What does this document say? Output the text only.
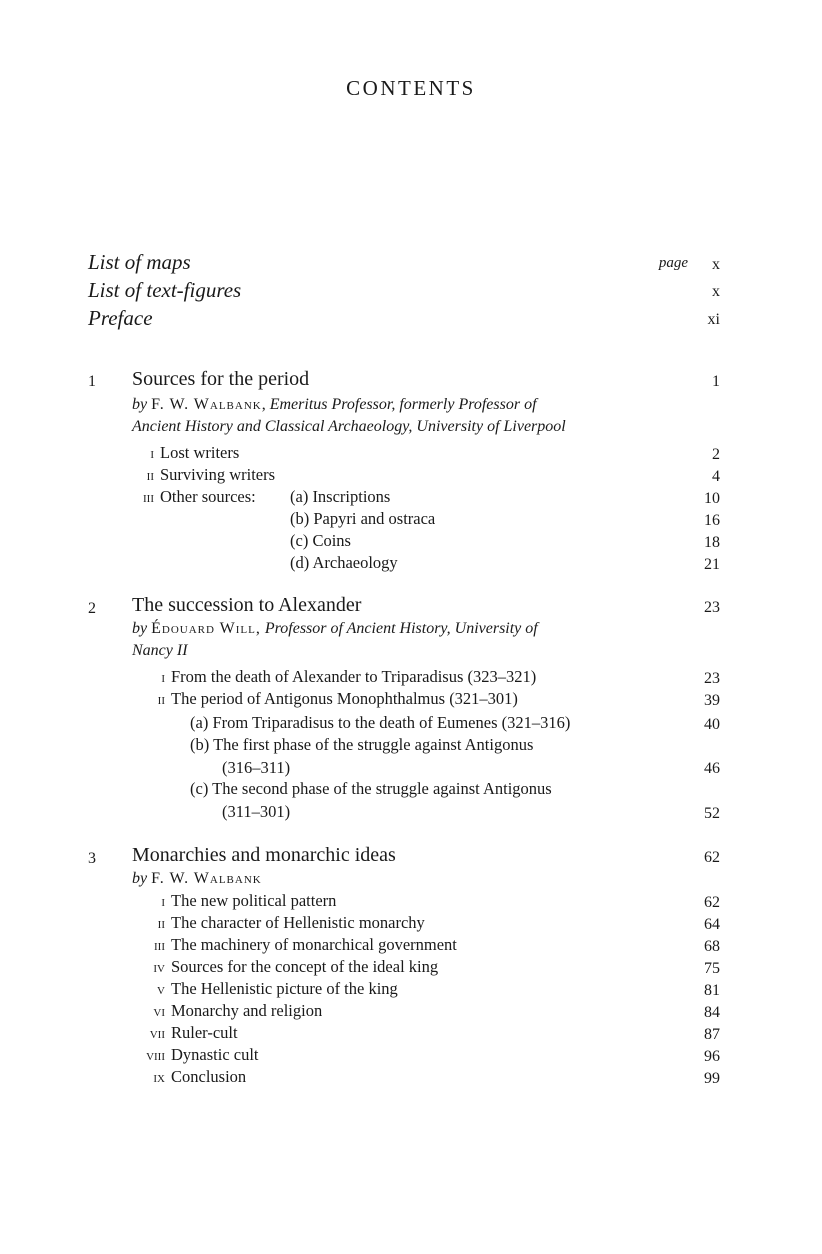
CONTENTS
List of maps	page x
List of text-figures	x
Preface	xi
1 Sources for the period	1
by F. W. Walbank, Emeritus Professor, formerly Professor of
Ancient History and Classical Archaeology, University of Liverpool
i Lost writers	2
ii Surviving writers	4
iii Other sources: (a) Inscriptions	10
(b) Papyri and ostraca	16
(c) Coins	18
(d) Archaeology	21
2 The succession to Alexander	23
by Édouard Will, Professor of Ancient History, University of
Nancy II
i From the death of Alexander to Triparadisus (323–321)	23
ii The period of Antigonus Monophthalmus (321–301)	39
(a) From Triparadisus to the death of Eumenes (321–316)	40
(b) The first phase of the struggle against Antigonus
(316–311)	46
(c) The second phase of the struggle against Antigonus
(311–301)	52
3 Monarchies and monarchic ideas	62
by F. W. Walbank
i The new political pattern	62
ii The character of Hellenistic monarchy	64
iii The machinery of monarchical government	68
iv Sources for the concept of the ideal king	75
v The Hellenistic picture of the king	81
vi Monarchy and religion	84
vii Ruler-cult	87
viii Dynastic cult	96
ix Conclusion	99
